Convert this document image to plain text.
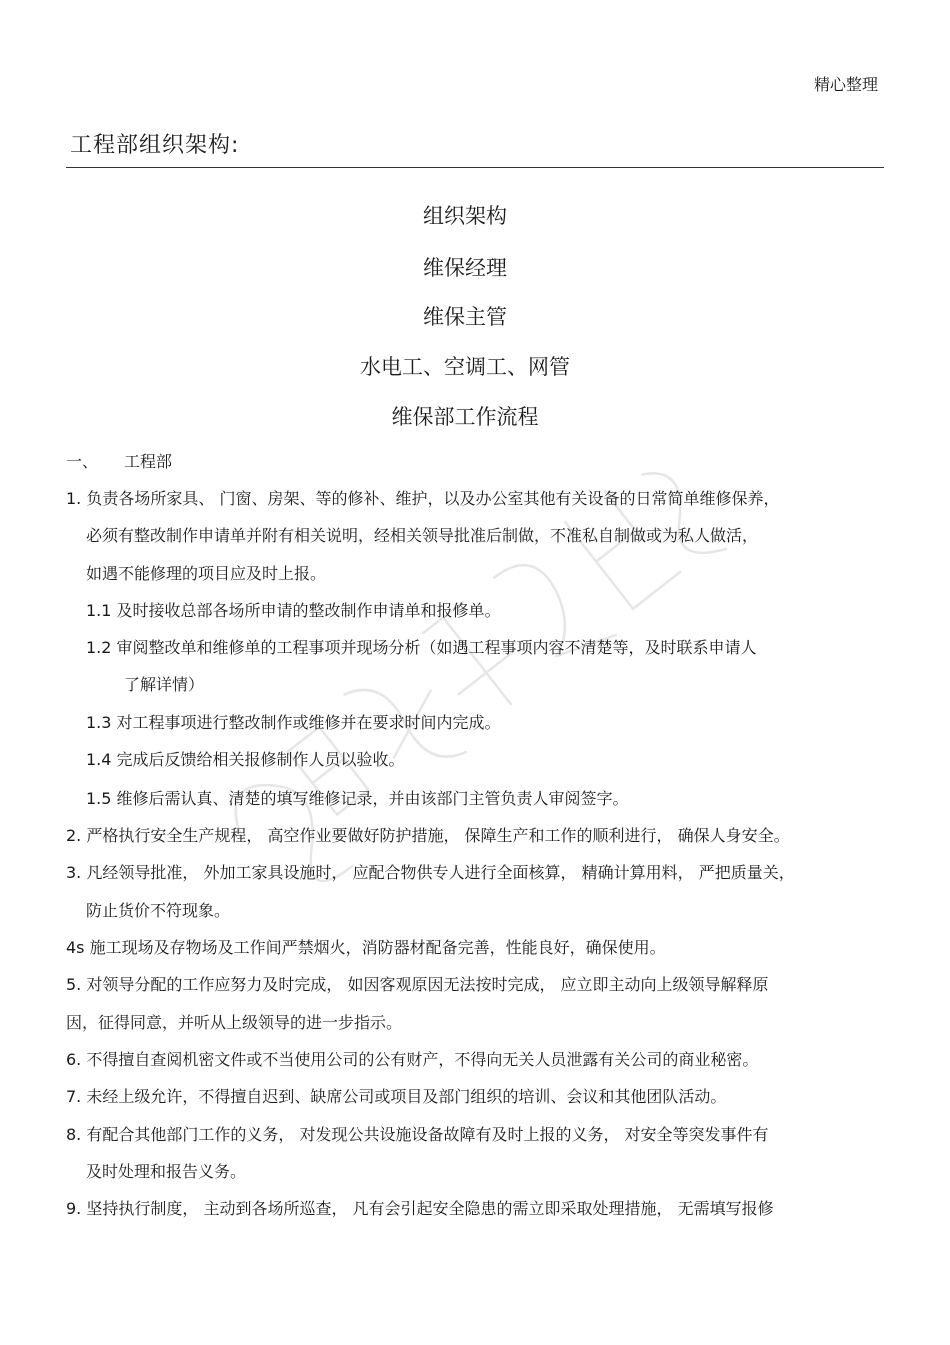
精心整理
工程部组织架构:
组织架构
维保经理
维保主管
水电工、空调工、网管
维保部工作流程
一、 工程部
1. 负责各场所家具、 门窗、房架、等的修补、维护，以及办公室其他有关设备的日常简单维修保养，
必须有整改制作申请单并附有相关说明，经相关领导批准后制做，不准私自制做或为私人做活，
如遇不能修理的项目应及时上报。
1.1 及时接收总部各场所申请的整改制作申请单和报修单。
1.2 审阅整改单和维修单的工程事项并现场分析（如遇工程事项内容不清楚等，及时联系申请人
了解详情）
1.3 对工程事项进行整改制作或维修并在要求时间内完成。
1.4 完成后反馈给相关报修制作人员以验收。
1.5 维修后需认真、清楚的填写维修记录，并由该部门主管负责人审阅签字。
2. 严格执行安全生产规程， 高空作业要做好防护措施， 保障生产和工作的顺利进行， 确保人身安全。
3. 凡经领导批准， 外加工家具设施时， 应配合物供专人进行全面核算， 精确计算用料， 严把质量关，
防止货价不符现象。
4s 施工现场及存物场及工作间严禁烟火，消防器材配备完善，性能良好，确保使用。
5. 对领导分配的工作应努力及时完成， 如因客观原因无法按时完成， 应立即主动向上级领导解释原
因，征得同意，并听从上级领导的进一步指示。
6. 不得擅自查阅机密文件或不当使用公司的公有财产，不得向无关人员泄露有关公司的商业秘密。
7. 未经上级允许，不得擅自迟到、缺席公司或项目及部门组织的培训、会议和其他团队活动。
8. 有配合其他部门工作的义务， 对发现公共设施设备故障有及时上报的义务， 对安全等突发事件有
及时处理和报告义务。
9. 坚持执行制度， 主动到各场所巡查， 凡有会引起安全隐患的需立即采取处理措施， 无需填写报修
